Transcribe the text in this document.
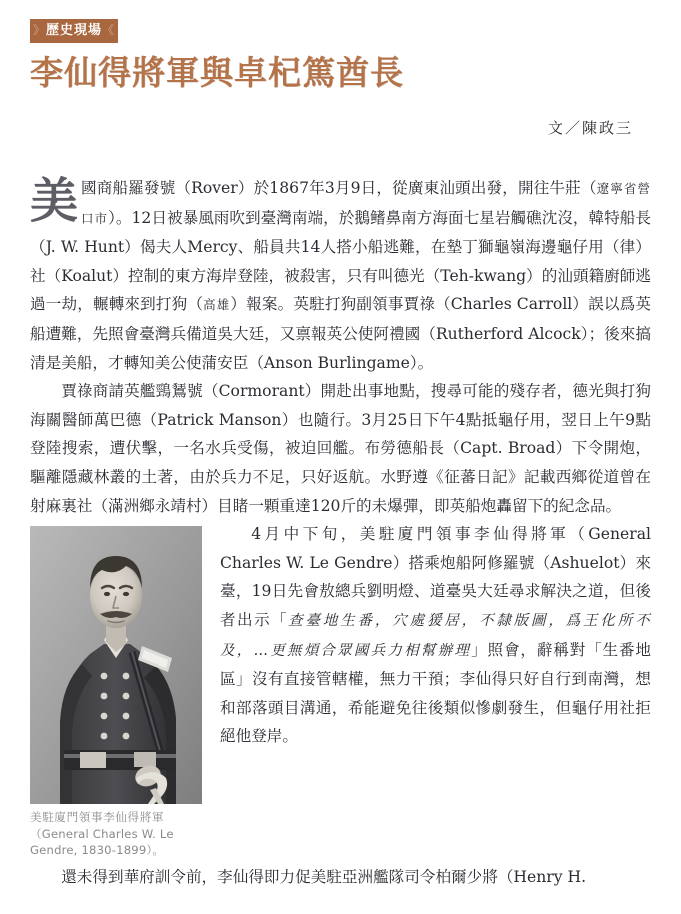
》歷史現場《
李仙得將軍與卓杞篤酋長
文／陳政三

美國商船羅發號（Rover）於1867年3月9日，從廣東汕頭出發，開往牛莊（遼寧省營口市）。12日被暴風雨吹到臺灣南端，於鵝鳍鼻南方海面七星岩觸礁沈沒，韓特船長（J. W. Hunt）偈夫人Mercy、船員共14人搭小船逃難，在墊丁獅龜嶺海邊龜仔用（律）社（Koalut）控制的東方海岸登陸，被殺害，只有叫德光（Teh-kwang）的汕頭籍廚師逃過一劫，輾轉來到打狗（高雄）報案。英駐打狗副領事賈祿（Charles Carroll）誤以爲英船遭難，先照會臺灣兵備道吳大廷，又禀報英公使阿禮國（Rutherford Alcock）；後來搞清是美船，才轉知美公使蒲安臣（Anson Burlingame）。

賈祿商請英艦鵛鵟號（Cormorant）開赴出事地點，搜尋可能的殘存者，德光與打狗海關醫師萬巴德（Patrick Manson）也隨行。3月25日下午4點抵龜仔用，翌日上午9點登陸搜索，遭伏擊，一名水兵受傷，被迫回艦。布勞德船長（Capt. Broad）下令開炮，驅離隱藏林叢的土著，由於兵力不足，只好返航。水野遵《征蕃日記》記載西鄉從道曾在射麻裏社（滿洲鄉永靖村）目睹一顆重達120斤的未爆彈，即英船炮轟留下的紀念品。

美駐廈門領事李仙得將軍 （General Charles W. Le Gendre, 1830-1899）。

4月中下旬，美駐廈門領事李仙得將軍（General Charles W. Le Gendre）搭乘炮船阿修羅號（Ashuelot）來臺，19日先會敖總兵劉明燈、道臺吳大廷尋求解決之道，但後者出示「查臺地生番，穴處猨居，不隸版圖，爲王化所不及，…更無煩合眾國兵力相幫辦理」照會，辭稱對「生番地區」沒有直接管轄權，無力干預；李仙得只好自行到南灣，想和部落頭目溝通，希能避免往後類似慘劇發生，但龜仔用社拒絕他登岸。

還未得到華府訓令前，李仙得即力促美駐亞洲艦隊司令柏爾少將（Henry H.
